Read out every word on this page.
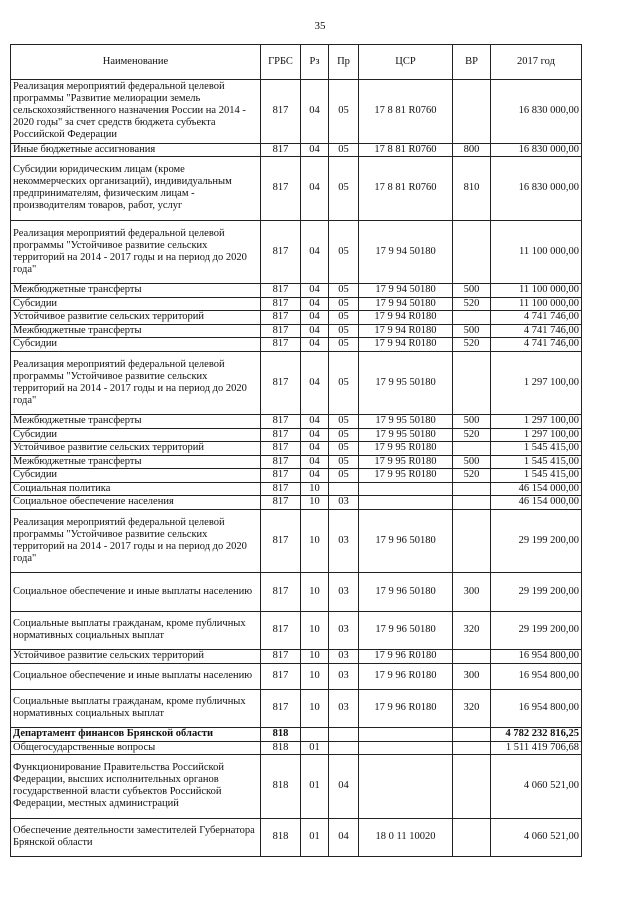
35
Наименование	ГРБС	Рз	Пр	ЦСР	ВР	2017 год
Реализация мероприятий федеральной целевой программы "Развитие мелиорации земель сельскохозяйственного назначения России на 2014 - 2020 годы" за счет средств бюджета субъекта Российской Федерации	817	04	05	17 8 81 R0760		16 830 000,00
Иные бюджетные ассигнования	817	04	05	17 8 81 R0760	800	16 830 000,00
Субсидии юридическим лицам (кроме некоммерческих организаций), индивидуальным предпринимателям, физическим лицам - производителям товаров, работ, услуг	817	04	05	17 8 81 R0760	810	16 830 000,00
Реализация мероприятий федеральной целевой программы "Устойчивое развитие сельских территорий на 2014 - 2017 годы и на период до 2020 года"	817	04	05	17 9 94 50180		11 100 000,00
Межбюджетные трансферты	817	04	05	17 9 94 50180	500	11 100 000,00
Субсидии	817	04	05	17 9 94 50180	520	11 100 000,00
Устойчивое развитие сельских территорий	817	04	05	17 9 94 R0180		4 741 746,00
Межбюджетные трансферты	817	04	05	17 9 94 R0180	500	4 741 746,00
Субсидии	817	04	05	17 9 94 R0180	520	4 741 746,00
Реализация мероприятий федеральной целевой программы "Устойчивое развитие сельских территорий на 2014 - 2017 годы и на период до 2020 года"	817	04	05	17 9 95 50180		1 297 100,00
Межбюджетные трансферты	817	04	05	17 9 95 50180	500	1 297 100,00
Субсидии	817	04	05	17 9 95 50180	520	1 297 100,00
Устойчивое развитие сельских территорий	817	04	05	17 9 95 R0180		1 545 415,00
Межбюджетные трансферты	817	04	05	17 9 95 R0180	500	1 545 415,00
Субсидии	817	04	05	17 9 95 R0180	520	1 545 415,00
Социальная политика	817	10				46 154 000,00
Социальное обеспечение населения	817	10	03			46 154 000,00
Реализация мероприятий федеральной целевой программы "Устойчивое развитие сельских территорий на 2014 - 2017 годы и на период до 2020 года"	817	10	03	17 9 96 50180		29 199 200,00
Социальное обеспечение и иные выплаты населению	817	10	03	17 9 96 50180	300	29 199 200,00
Социальные выплаты гражданам, кроме публичных нормативных социальных выплат	817	10	03	17 9 96 50180	320	29 199 200,00
Устойчивое развитие сельских территорий	817	10	03	17 9 96 R0180		16 954 800,00
Социальное обеспечение и иные выплаты населению	817	10	03	17 9 96 R0180	300	16 954 800,00
Социальные выплаты гражданам, кроме публичных нормативных социальных выплат	817	10	03	17 9 96 R0180	320	16 954 800,00
Департамент финансов Брянской области	818					4 782 232 816,25
Общегосударственные вопросы	818	01				1 511 419 706,68
Функционирование Правительства Российской Федерации, высших исполнительных органов государственной власти субъектов Российской Федерации, местных администраций	818	01	04			4 060 521,00
Обеспечение деятельности заместителей Губернатора Брянской области	818	01	04	18 0 11 10020		4 060 521,00
